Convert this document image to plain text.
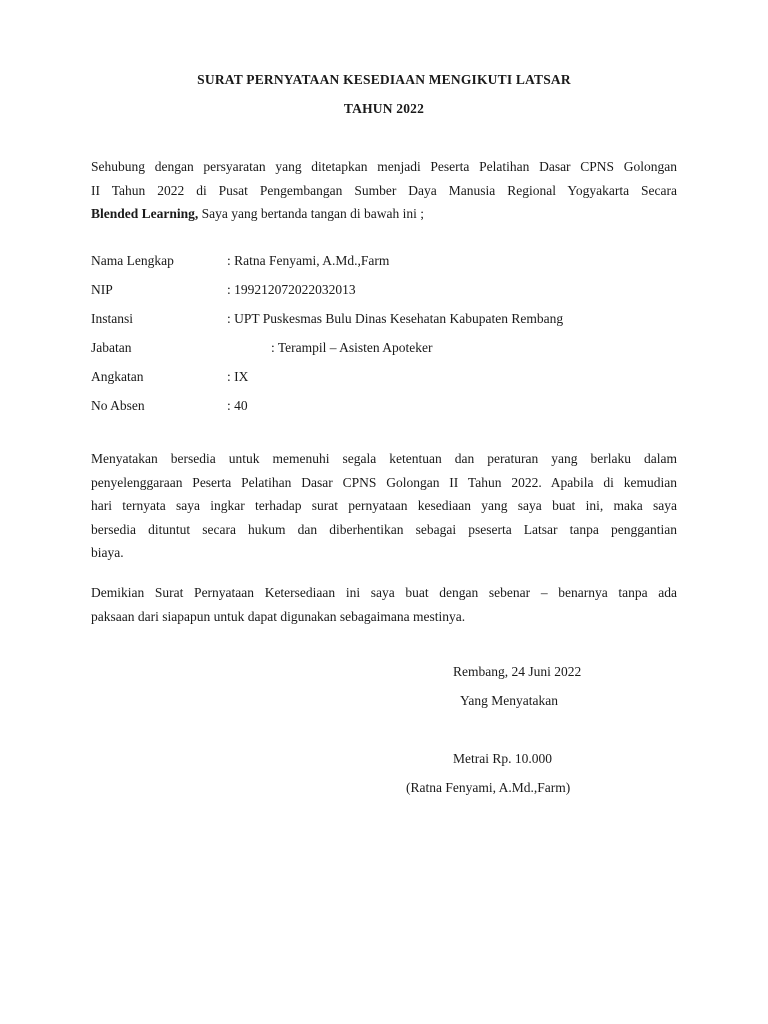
SURAT PERNYATAAN KESEDIAAN MENGIKUTI LATSAR
TAHUN 2022
Sehubung dengan persyaratan yang ditetapkan menjadi Peserta Pelatihan Dasar CPNS Golongan
II Tahun 2022 di Pusat Pengembangan Sumber Daya Manusia Regional Yogyakarta Secara
Blended Learning, Saya yang bertanda tangan di bawah ini ;
Nama Lengkap	: Ratna Fenyami, A.Md.,Farm
NIP	: 199212072022032013
Instansi	: UPT Puskesmas Bulu Dinas Kesehatan Kabupaten Rembang
Jabatan	: Terampil – Asisten Apoteker
Angkatan	: IX
No Absen	: 40
Menyatakan bersedia untuk memenuhi segala ketentuan dan peraturan yang berlaku dalam
penyelenggaraan Peserta Pelatihan Dasar CPNS Golongan II Tahun 2022. Apabila di kemudian
hari ternyata saya ingkar terhadap surat pernyataan kesediaan yang saya buat ini, maka saya
bersedia dituntut secara hukum dan diberhentikan sebagai pseserta Latsar tanpa penggantian
biaya.
Demikian Surat Pernyataan Ketersediaan ini saya buat dengan sebenar – benarnya tanpa ada
paksaan dari siapapun untuk dapat digunakan sebagaimana mestinya.
Rembang, 24 Juni 2022
Yang Menyatakan
Metrai Rp. 10.000
(Ratna Fenyami, A.Md.,Farm)
